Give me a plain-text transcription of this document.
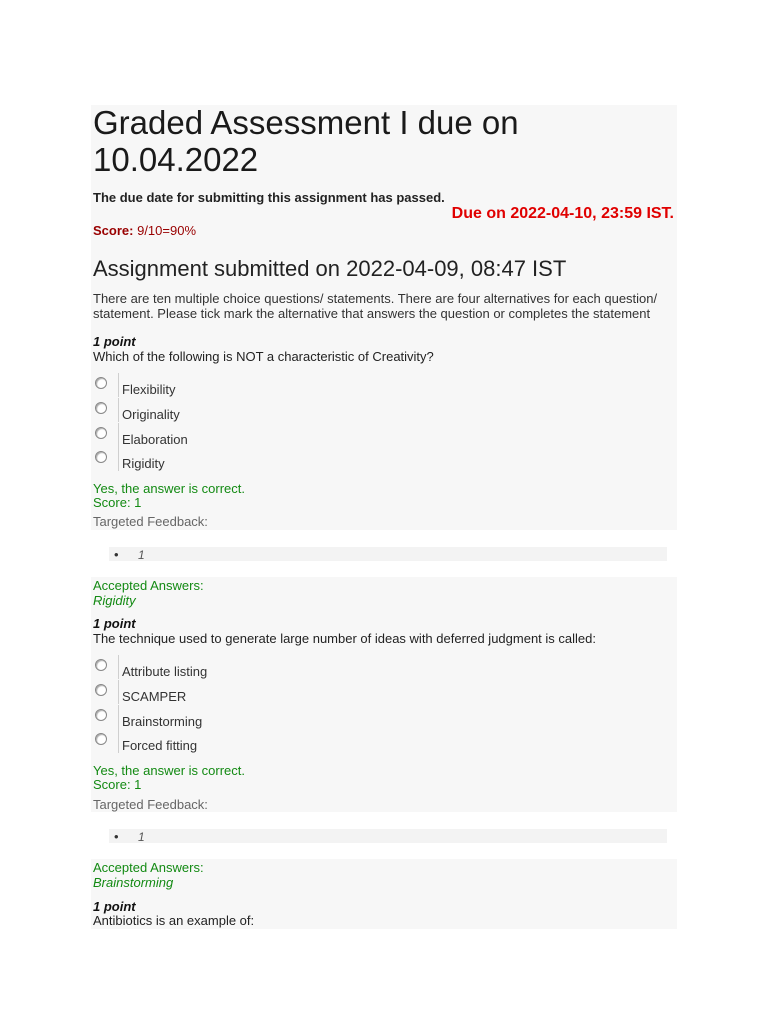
Graded Assessment I due on 10.04.2022
The due date for submitting this assignment has passed.
Due on 2022-04-10, 23:59 IST.
Score: 9/10=90%
Assignment submitted on 2022-04-09, 08:47 IST
There are ten multiple choice questions/ statements. There are four alternatives for each question/ statement. Please tick mark the alternative that answers the question or completes the statement
1 point
Which of the following is NOT a characteristic of Creativity?
Flexibility
Originality
Elaboration
Rigidity
Yes, the answer is correct.
Score: 1
Targeted Feedback:
• 1
Accepted Answers:
Rigidity
1 point
The technique used to generate large number of ideas with deferred judgment is called:
Attribute listing
SCAMPER
Brainstorming
Forced fitting
Yes, the answer is correct.
Score: 1
Targeted Feedback:
• 1
Accepted Answers:
Brainstorming
1 point
Antibiotics is an example of:
